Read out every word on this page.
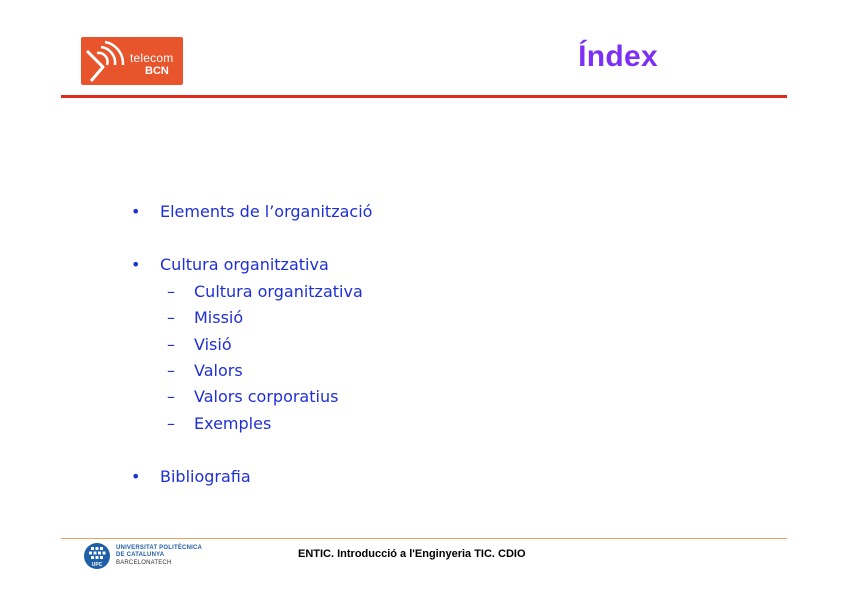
telecom
BCN	Índex
• Elements de l’organització
• Cultura organitzativa
– Cultura organitzativa
– Missió
– Visió
– Valors
– Valors corporatius
– Exemples
• Bibliografia
UPC
UNIVERSITAT POLITÈCNICA
DE CATALUNYA
BARCELONATECH
ENTIC. Introducció a l'Enginyeria TIC. CDIO
